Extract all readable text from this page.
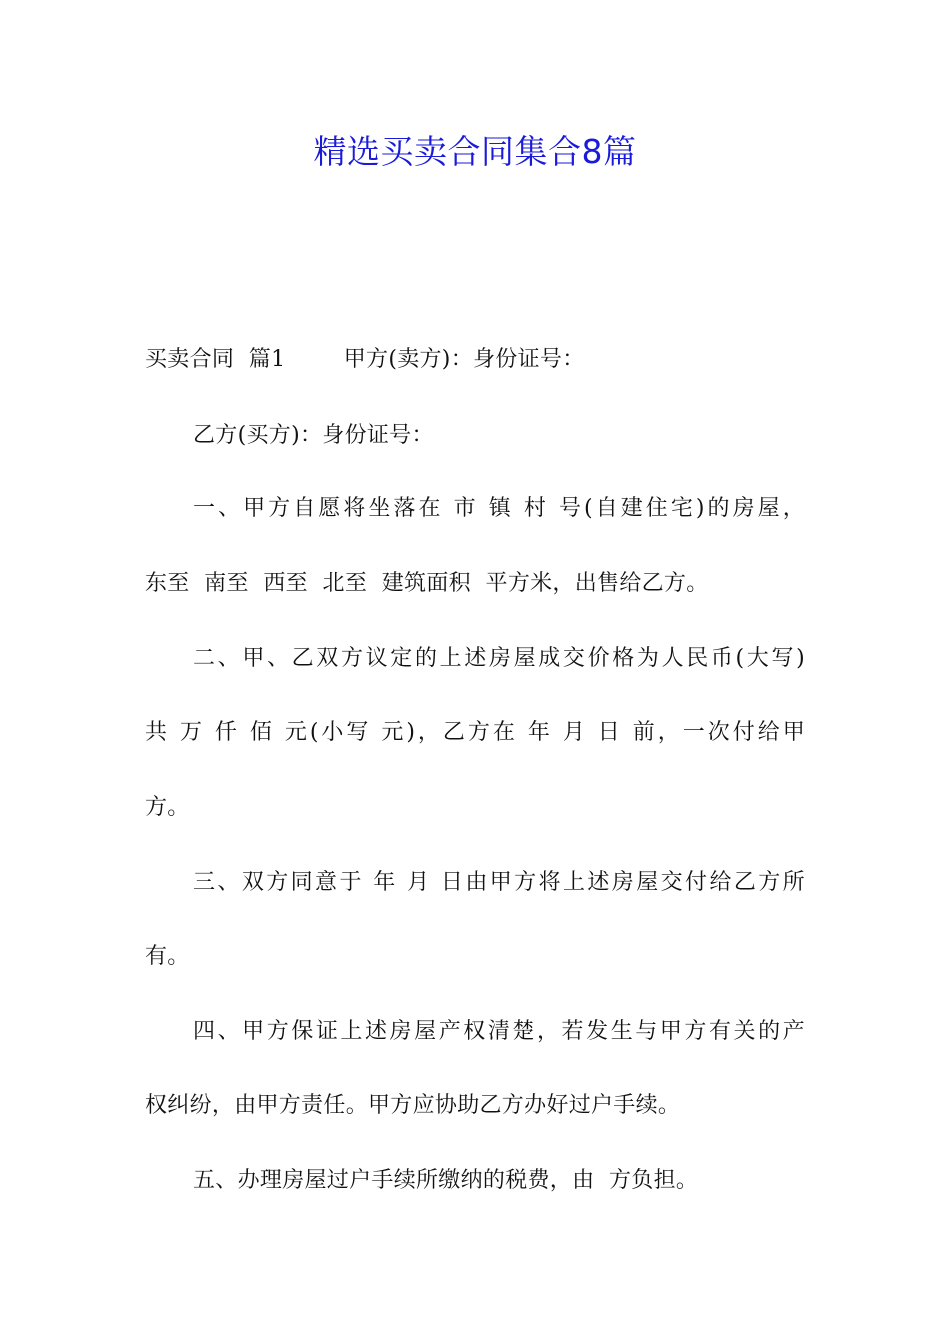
精选买卖合同集合8篇
买卖合同  篇1        甲方(卖方)：身份证号：
乙方(买方)：身份证号：
一、甲方自愿将坐落在 市 镇 村 号(自建住宅)的房屋，
东至  南至  西至  北至  建筑面积  平方米，出售给乙方。
二、甲、乙双方议定的上述房屋成交价格为人民币(大写)
共 万 仟 佰 元(小写 元)，乙方在 年 月 日 前，一次付给甲
方。
三、双方同意于 年 月 日由甲方将上述房屋交付给乙方所
有。
四、甲方保证上述房屋产权清楚，若发生与甲方有关的产
权纠纷，由甲方责任。甲方应协助乙方办好过户手续。
五、办理房屋过户手续所缴纳的税费，由  方负担。
